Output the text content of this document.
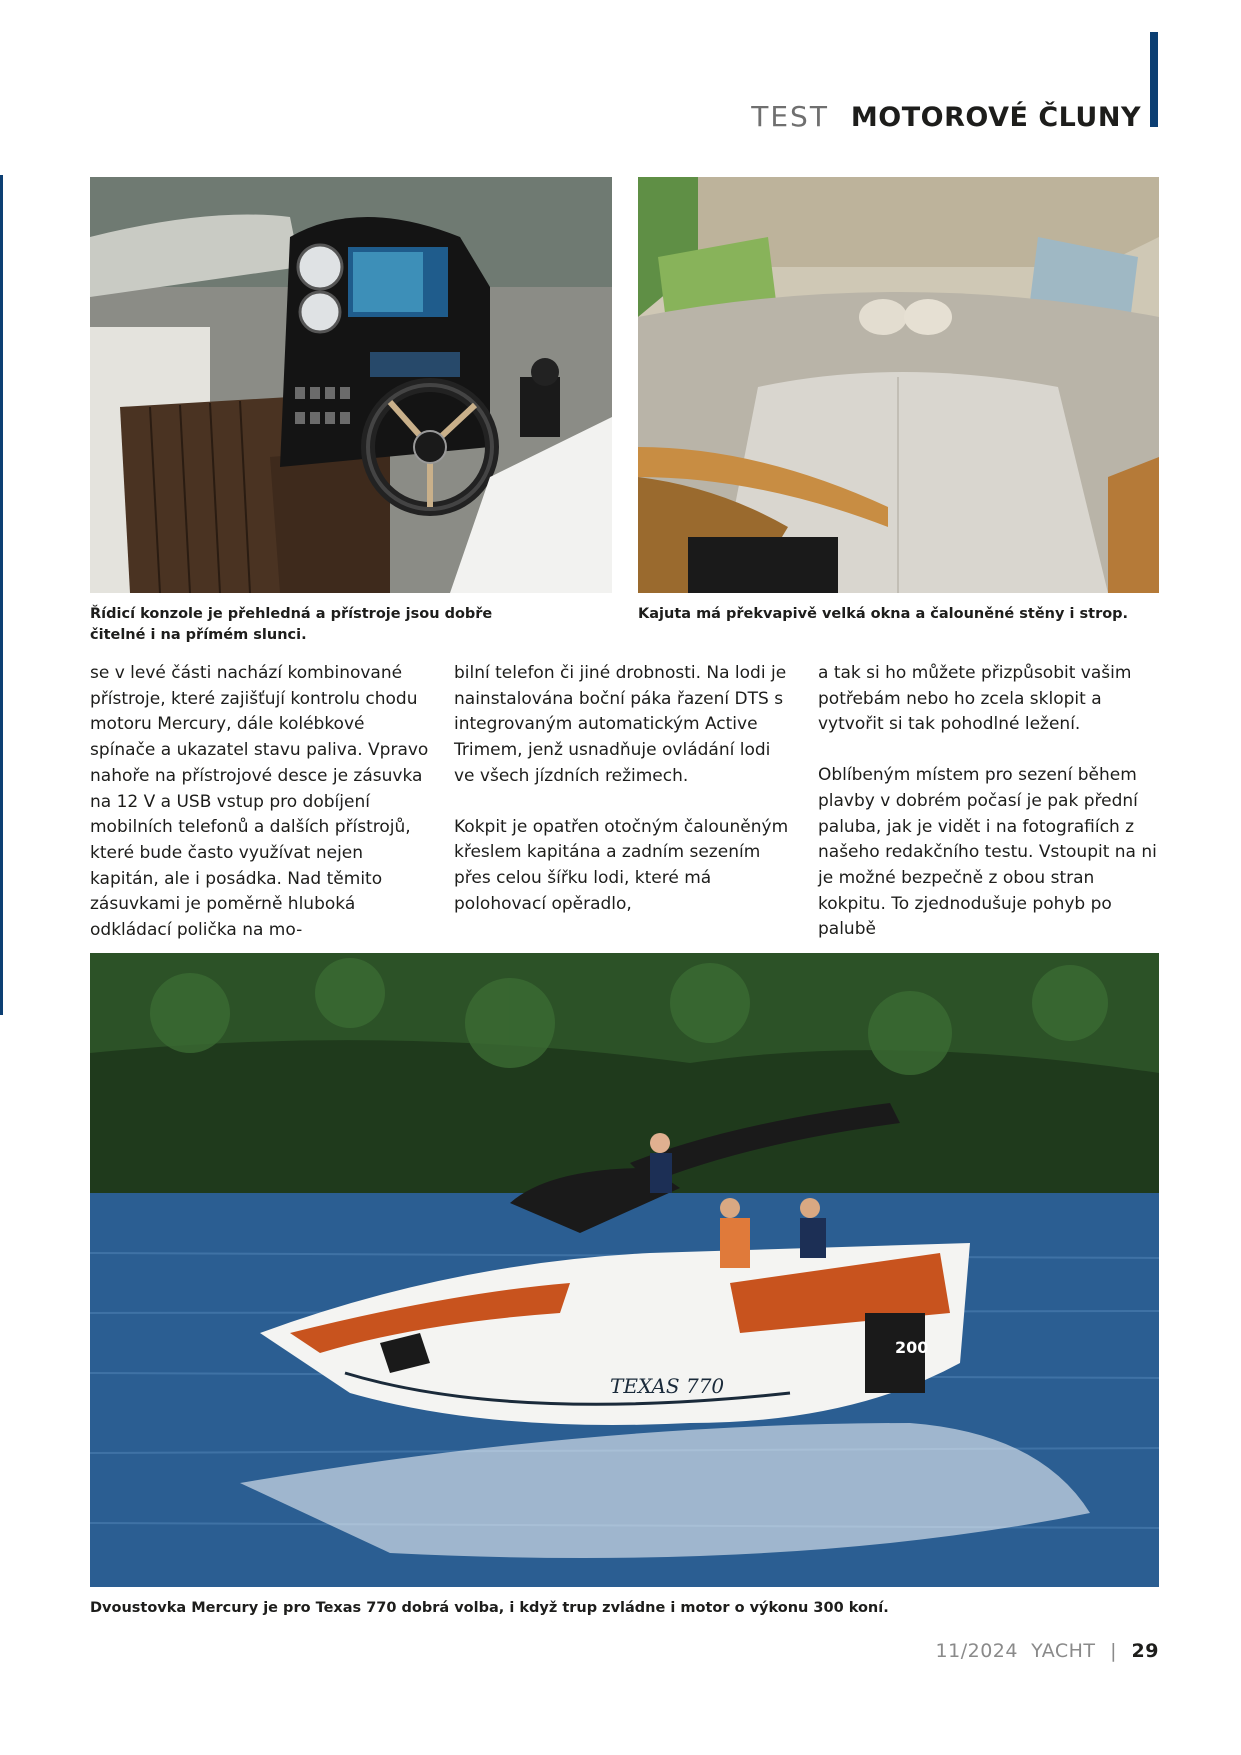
TEST MOTOROVÉ ČLUNY
Řídicí konzole je přehledná a přístroje jsou dobře čitelné i na přímém slunci.
Kajuta má překvapivě velká okna a čalouněné stěny i strop.

se v levé části nachází kombinované přístroje, které zajišťují kontrolu chodu motoru Mercury, dále kolébkové spínače a ukazatel stavu paliva. Vpravo nahoře na přístrojové desce je zásuvka na 12 V a USB vstup pro dobíjení mobilních telefonů a dalších přístrojů, které bude často využívat nejen kapitán, ale i posádka. Nad těmito zásuvkami je poměrně hluboká odkládací polička na mo-

bilní telefon či jiné drobnosti. Na lodi je nainstalována boční páka řazení DTS s integrovaným automatickým Active Trimem, jenž usnadňuje ovládání lodi ve všech jízdních režimech.

Kokpit je opatřen otočným čalouněným křeslem kapitána a zadním sezením přes celou šířku lodi, které má polohovací opěradlo,

a tak si ho můžete přizpůsobit vašim potřebám nebo ho zcela sklopit a vytvořit si tak pohodlné ležení.

Oblíbeným místem pro sezení během plavby v dobrém počasí je pak přední paluba, jak je vidět i na fotografiích z našeho redakčního testu. Vstoupit na ni je možné bezpečně z obou stran kokpitu. To zjednodušuje pohyb po palubě

200
TEXAS 770
Dvoustovka Mercury je pro Texas 770 dobrá volba, i když trup zvládne i motor o výkonu 300 koní.
11/2024 YACHT | 29
